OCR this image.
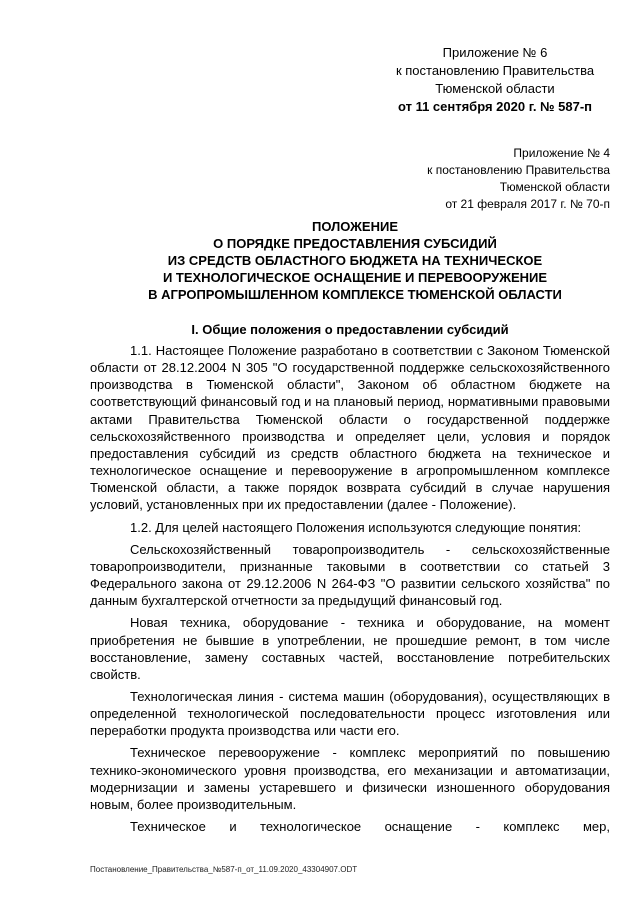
Приложение № 6
к постановлению Правительства
Тюменской области
от 11 сентября 2020 г. № 587-п
Приложение № 4
к постановлению Правительства
Тюменской области
от 21 февраля 2017 г. № 70-п
ПОЛОЖЕНИЕ
О ПОРЯДКЕ ПРЕДОСТАВЛЕНИЯ СУБСИДИЙ
ИЗ СРЕДСТВ ОБЛАСТНОГО БЮДЖЕТА НА ТЕХНИЧЕСКОЕ
И ТЕХНОЛОГИЧЕСКОЕ ОСНАЩЕНИЕ И ПЕРЕВООРУЖЕНИЕ
В АГРОПРОМЫШЛЕННОМ КОМПЛЕКСЕ ТЮМЕНСКОЙ ОБЛАСТИ
I. Общие положения о предоставлении субсидий

1.1. Настоящее Положение разработано в соответствии с Законом Тюменской области от 28.12.2004 N 305 "О государственной поддержке сельскохозяйственного производства в Тюменской области", Законом об областном бюджете на соответствующий финансовый год и на плановый период, нормативными правовыми актами Правительства Тюменской области о государственной поддержке сельскохозяйственного производства и определяет цели, условия и порядок предоставления субсидий из средств областного бюджета на техническое и технологическое оснащение и перевооружение в агропромышленном комплексе Тюменской области, а также порядок возврата субсидий в случае нарушения условий, установленных при их предоставлении (далее - Положение).

1.2. Для целей настоящего Положения используются следующие понятия:

Сельскохозяйственный товаропроизводитель - сельскохозяйственные товаропроизводители, признанные таковыми в соответствии со статьей 3 Федерального закона от 29.12.2006 N 264-ФЗ "О развитии сельского хозяйства" по данным бухгалтерской отчетности за предыдущий финансовый год.

Новая техника, оборудование - техника и оборудование, на момент приобретения не бывшие в употреблении, не прошедшие ремонт, в том числе восстановление, замену составных частей, восстановление потребительских свойств.

Технологическая линия - система машин (оборудования), осуществляющих в определенной технологической последовательности процесс изготовления или переработки продукта производства или части его.

Техническое перевооружение - комплекс мероприятий по повышению технико-экономического уровня производства, его механизации и автоматизации, модернизации и замены устаревшего и физически изношенного оборудования новым, более производительным.

Техническое и технологическое оснащение - комплекс мер,

Постановление_Правительства_№587-п_от_11.09.2020_43304907.ODT
